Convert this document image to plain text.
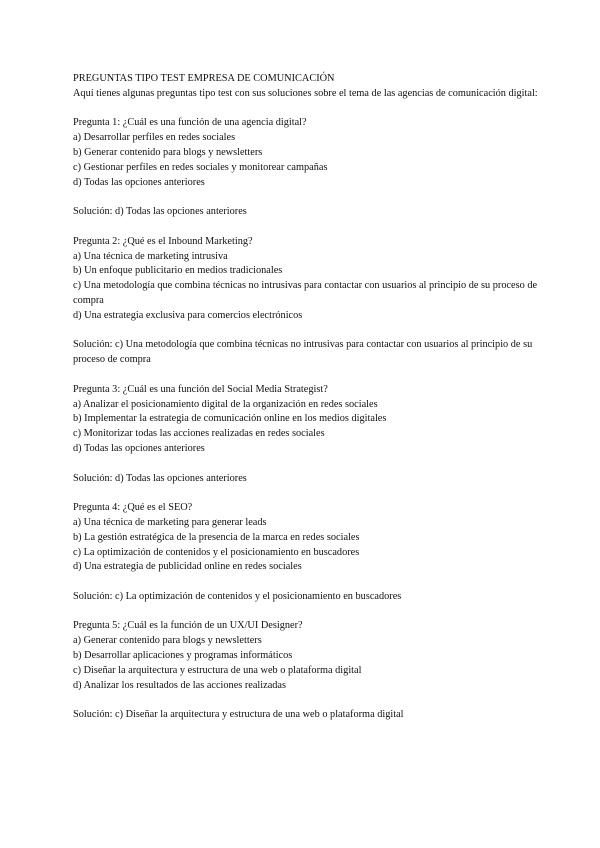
PREGUNTAS TIPO TEST EMPRESA DE COMUNICACIÓN
Aquí tienes algunas preguntas tipo test con sus soluciones sobre el tema de las agencias de comunicación digital:
Pregunta 1: ¿Cuál es una función de una agencia digital?
a) Desarrollar perfiles en redes sociales
b) Generar contenido para blogs y newsletters
c) Gestionar perfiles en redes sociales y monitorear campañas
d) Todas las opciones anteriores
Solución: d) Todas las opciones anteriores
Pregunta 2: ¿Qué es el Inbound Marketing?
a) Una técnica de marketing intrusiva
b) Un enfoque publicitario en medios tradicionales
c) Una metodología que combina técnicas no intrusivas para contactar con usuarios al principio de su proceso de compra
d) Una estrategia exclusiva para comercios electrónicos
Solución: c) Una metodología que combina técnicas no intrusivas para contactar con usuarios al principio de su proceso de compra
Pregunta 3: ¿Cuál es una función del Social Media Strategist?
a) Analizar el posicionamiento digital de la organización en redes sociales
b) Implementar la estrategia de comunicación online en los medios digitales
c) Monitorizar todas las acciones realizadas en redes sociales
d) Todas las opciones anteriores
Solución: d) Todas las opciones anteriores
Pregunta 4: ¿Qué es el SEO?
a) Una técnica de marketing para generar leads
b) La gestión estratégica de la presencia de la marca en redes sociales
c) La optimización de contenidos y el posicionamiento en buscadores
d) Una estrategia de publicidad online en redes sociales
Solución: c) La optimización de contenidos y el posicionamiento en buscadores
Pregunta 5: ¿Cuál es la función de un UX/UI Designer?
a) Generar contenido para blogs y newsletters
b) Desarrollar aplicaciones y programas informáticos
c) Diseñar la arquitectura y estructura de una web o plataforma digital
d) Analizar los resultados de las acciones realizadas
Solución: c) Diseñar la arquitectura y estructura de una web o plataforma digital
